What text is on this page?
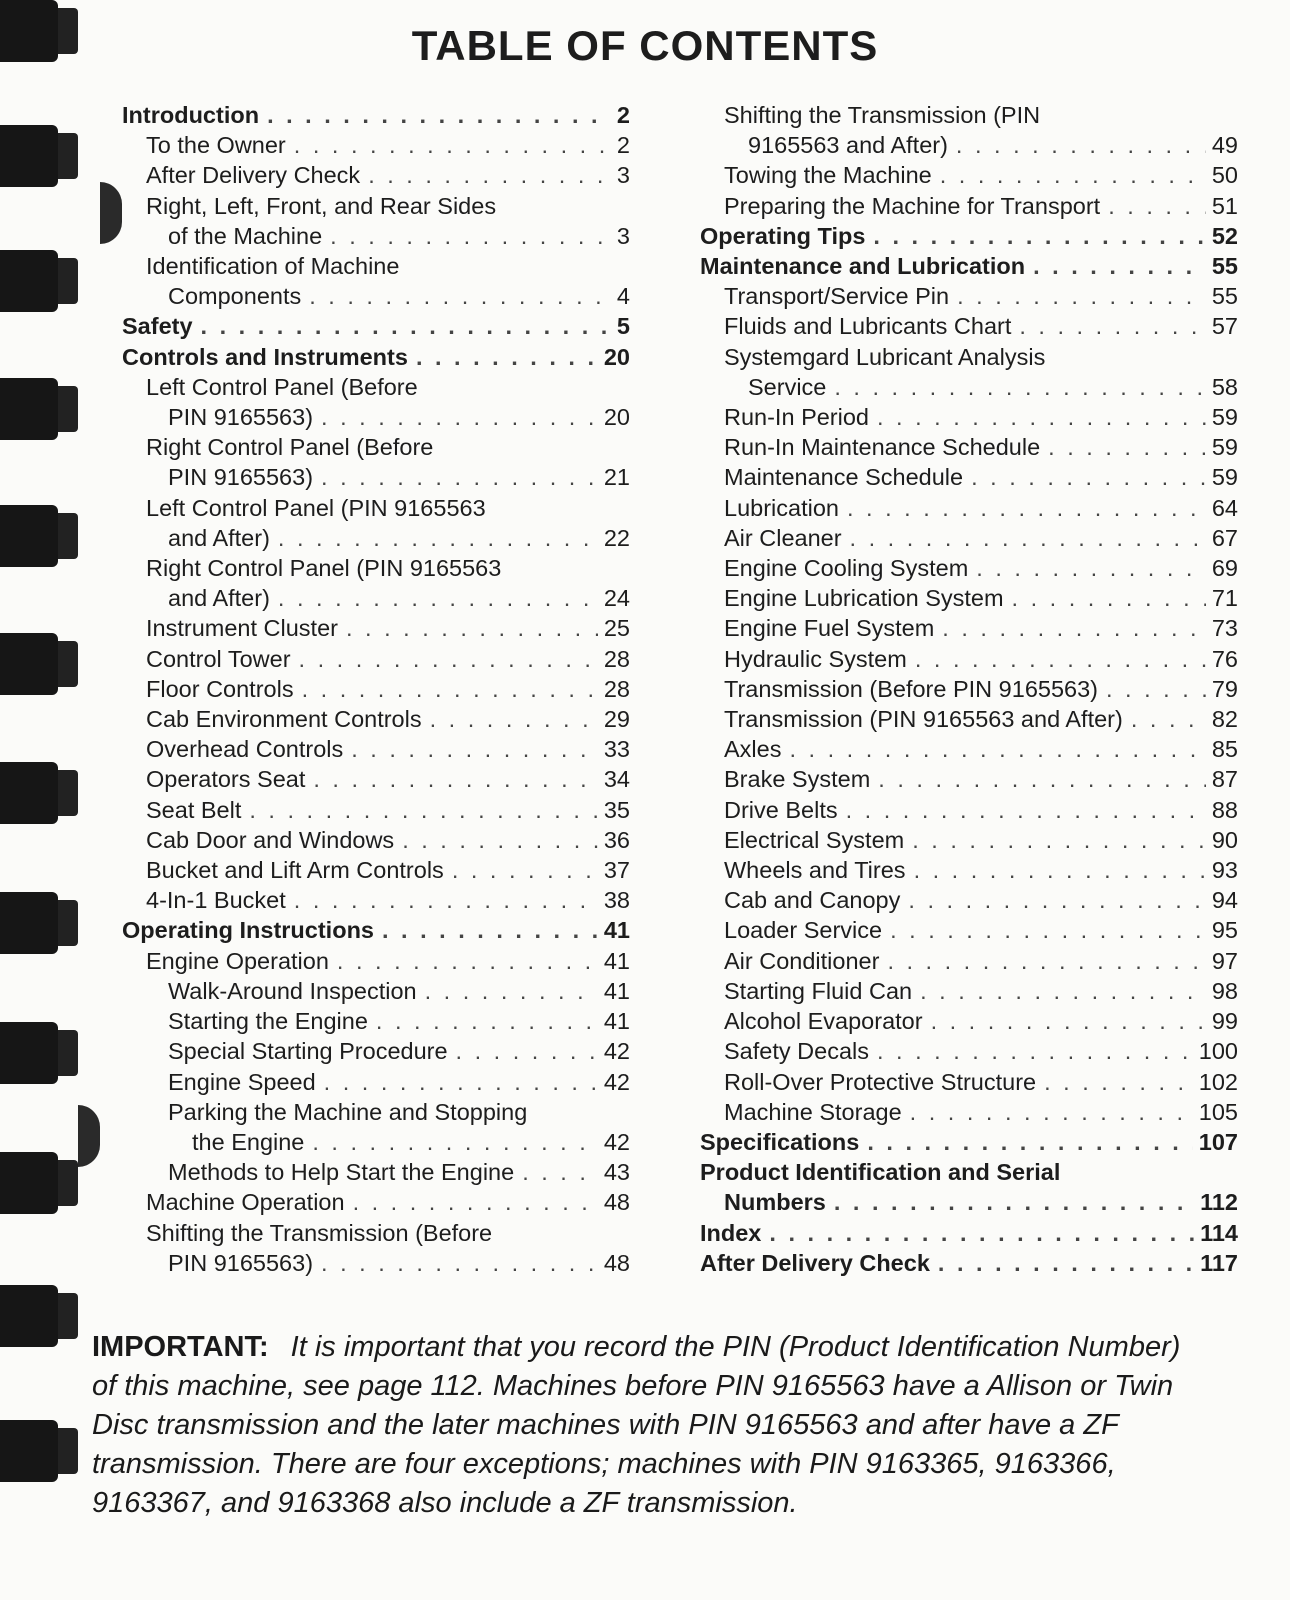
TABLE OF CONTENTS
Introduction . . .	2
To the Owner . . .	2
After Delivery Check . . .	3
Right, Left, Front, and Rear Sides
of the Machine . . .	3
Identification of Machine
Components . . .	4
Safety . . .	5
Controls and Instruments . . .	20
Left Control Panel (Before
PIN 9165563) . . .	20
Right Control Panel (Before
PIN 9165563) . . .	21
Left Control Panel (PIN 9165563
and After) . . .	22
Right Control Panel (PIN 9165563
and After) . . .	24
Instrument Cluster . . .	25
Control Tower . . .	28
Floor Controls . . .	28
Cab Environment Controls . . .	29
Overhead Controls . . .	33
Operators Seat . . .	34
Seat Belt . . .	35
Cab Door and Windows . . .	36
Bucket and Lift Arm Controls . . .	37
4-In-1 Bucket . . .	38
Operating Instructions . . .	41
Engine Operation . . .	41
Walk-Around Inspection . . .	41
Starting the Engine . . .	41
Special Starting Procedure . . .	42
Engine Speed . . .	42
Parking the Machine and Stopping
the Engine . . .	42
Methods to Help Start the Engine . . .	43
Machine Operation . . .	48
Shifting the Transmission (Before
PIN 9165563) . . .	48
Shifting the Transmission (PIN
9165563 and After) . . .	49
Towing the Machine . . .	50
Preparing the Machine for Transport . . .	51
Operating Tips . . .	52
Maintenance and Lubrication . . .	55
Transport/Service Pin . . .	55
Fluids and Lubricants Chart . . .	57
Systemgard Lubricant Analysis
Service . . .	58
Run-In Period . . .	59
Run-In Maintenance Schedule . . .	59
Maintenance Schedule . . .	59
Lubrication . . .	64
Air Cleaner . . .	67
Engine Cooling System . . .	69
Engine Lubrication System . . .	71
Engine Fuel System . . .	73
Hydraulic System . . .	76
Transmission (Before PIN 9165563) . . .	79
Transmission (PIN 9165563 and After) . . .	82
Axles . . .	85
Brake System . . .	87
Drive Belts . . .	88
Electrical System . . .	90
Wheels and Tires . . .	93
Cab and Canopy . . .	94
Loader Service . . .	95
Air Conditioner . . .	97
Starting Fluid Can . . .	98
Alcohol Evaporator . . .	99
Safety Decals . . .	100
Roll-Over Protective Structure . . .	102
Machine Storage . . .	105
Specifications . . .	107
Product Identification and Serial
Numbers . . .	112
Index . . .	114
After Delivery Check . . .	117
IMPORTANT: It is important that you record the PIN (Product Identification Number) of this machine, see page 112. Machines before PIN 9165563 have a Allison or Twin Disc transmission and the later machines with PIN 9165563 and after have a ZF transmission. There are four exceptions; machines with PIN 9163365, 9163366, 9163367, and 9163368 also include a ZF transmission.
